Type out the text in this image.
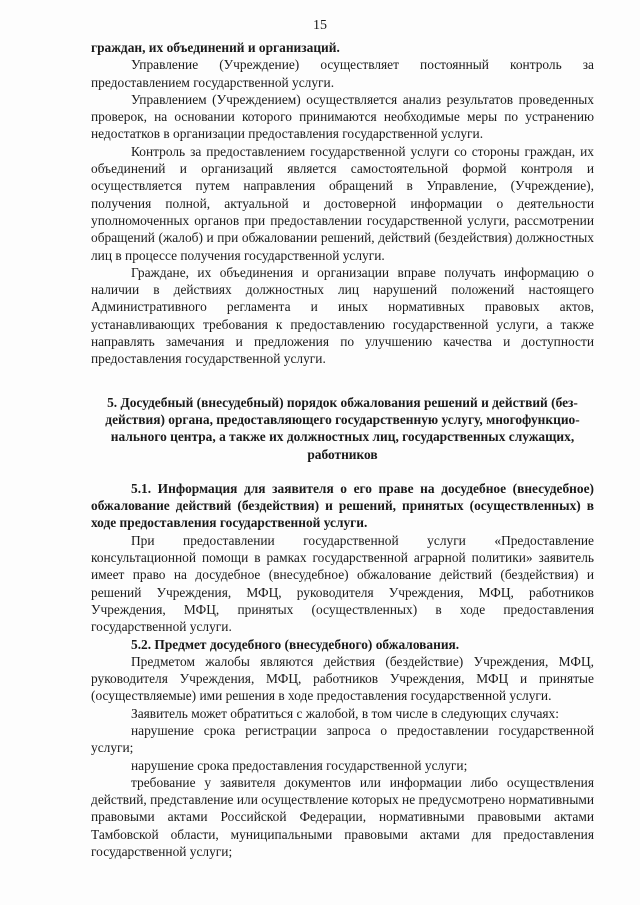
15

граждан, их объединений и организаций.

Управление (Учреждение) осуществляет постоянный контроль за предоставлением государственной услуги.

Управлением (Учреждением) осуществляется анализ результатов проведенных проверок, на основании которого принимаются необходимые меры по устранению недостатков в организации предоставления государственной услуги.

Контроль за предоставлением государственной услуги со стороны граждан, их объединений и организаций является самостоятельной формой контроля и осуществляется путем направления обращений в Управление, (Учреждение), получения полной, актуальной и достоверной информации о деятельности уполномоченных органов при предоставлении государственной услуги, рассмотрении обращений (жалоб) и при обжаловании решений, действий (бездействия) должностных лиц в процессе получения государственной услуги.

Граждане, их объединения и организации вправе получать информацию о наличии в действиях должностных лиц нарушений положений настоящего Административного регламента и иных нормативных правовых актов, устанавливающих требования к предоставлению государственной услуги, а также направлять замечания и предложения по улучшению качества и доступности предоставления государственной услуги.

5. Досудебный (внесудебный) порядок обжалования решений и действий (без-действия) органа, предоставляющего государственную услугу, многофункцио-нального центра, а также их должностных лиц, государственных служащих, работников

5.1. Информация для заявителя о его праве на досудебное (внесудебное) обжалование действий (бездействия) и решений, принятых (осуществленных) в ходе предоставления государственной услуги.

При предоставлении государственной услуги «Предоставление консультационной помощи в рамках государственной аграрной политики» заявитель имеет право на досудебное (внесудебное) обжалование действий (бездействия) и решений Учреждения, МФЦ, руководителя Учреждения, МФЦ, работников Учреждения, МФЦ, принятых (осуществленных) в ходе предоставления государственной услуги.

5.2. Предмет досудебного (внесудебного) обжалования.

Предметом жалобы являются действия (бездействие) Учреждения, МФЦ, руководителя Учреждения, МФЦ, работников Учреждения, МФЦ и принятые (осуществляемые) ими решения в ходе предоставления государственной услуги.

Заявитель может обратиться с жалобой, в том числе в следующих случаях:

нарушение срока регистрации запроса о предоставлении государственной услуги;

нарушение срока предоставления государственной услуги;

требование у заявителя документов или информации либо осуществления действий, представление или осуществление которых не предусмотрено нормативными правовыми актами Российской Федерации, нормативными правовыми актами Тамбовской области, муниципальными правовыми актами для предоставления государственной услуги;
